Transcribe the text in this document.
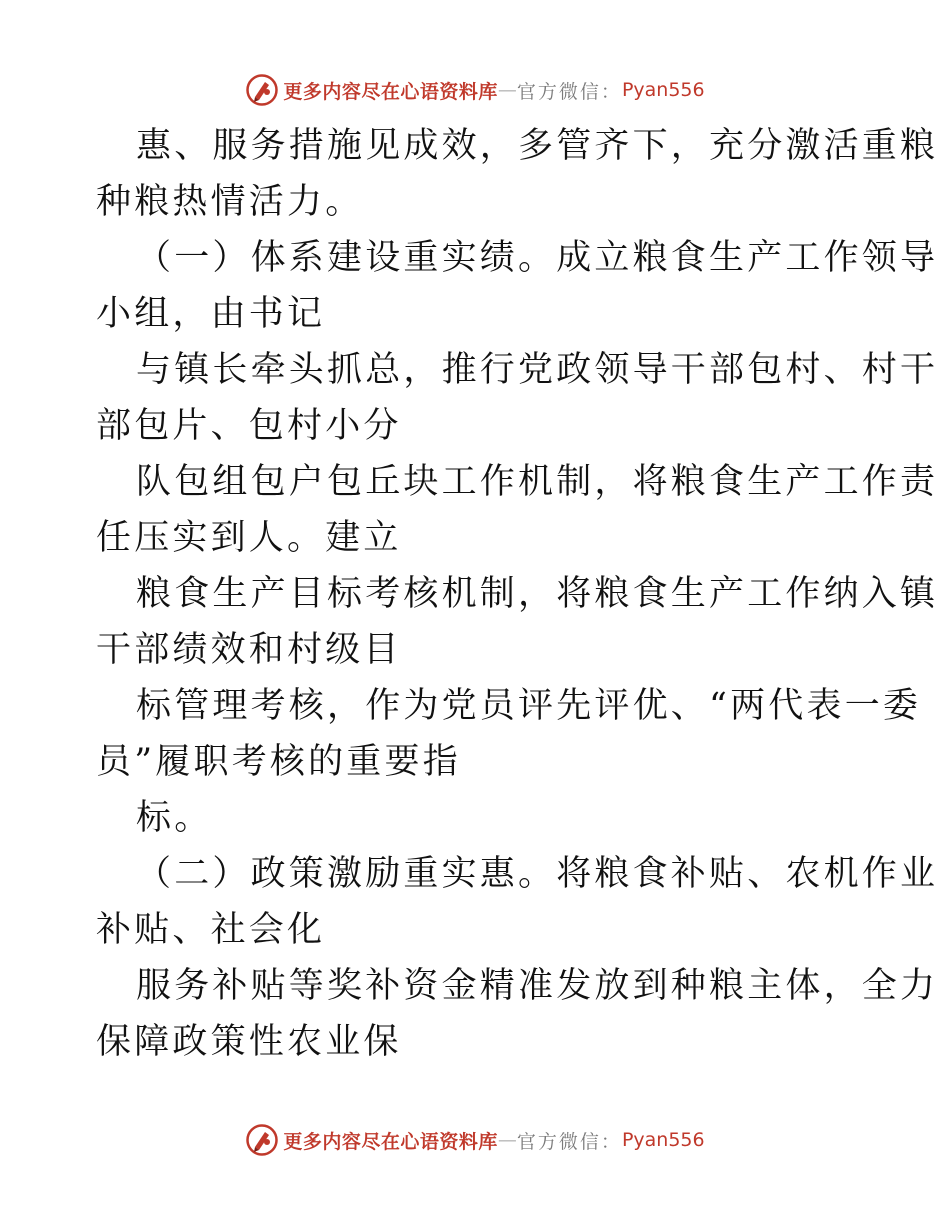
更多内容尽在心语资料库 — 官方微信： Pyan556
惠、服务措施见成效，多管齐下，充分激活重粮
种粮热情活力。
（一）体系建设重实绩。成立粮食生产工作领导
小组，由书记
与镇长牵头抓总，推行党政领导干部包村、村干
部包片、包村小分
队包组包户包丘块工作机制，将粮食生产工作责
任压实到人。建立
粮食生产目标考核机制，将粮食生产工作纳入镇
干部绩效和村级目
标管理考核，作为党员评先评优、“两代表一委
员”履职考核的重要指
标。
（二）政策激励重实惠。将粮食补贴、农机作业
补贴、社会化
服务补贴等奖补资金精准发放到种粮主体，全力
保障政策性农业保
更多内容尽在心语资料库 — 官方微信： Pyan556
